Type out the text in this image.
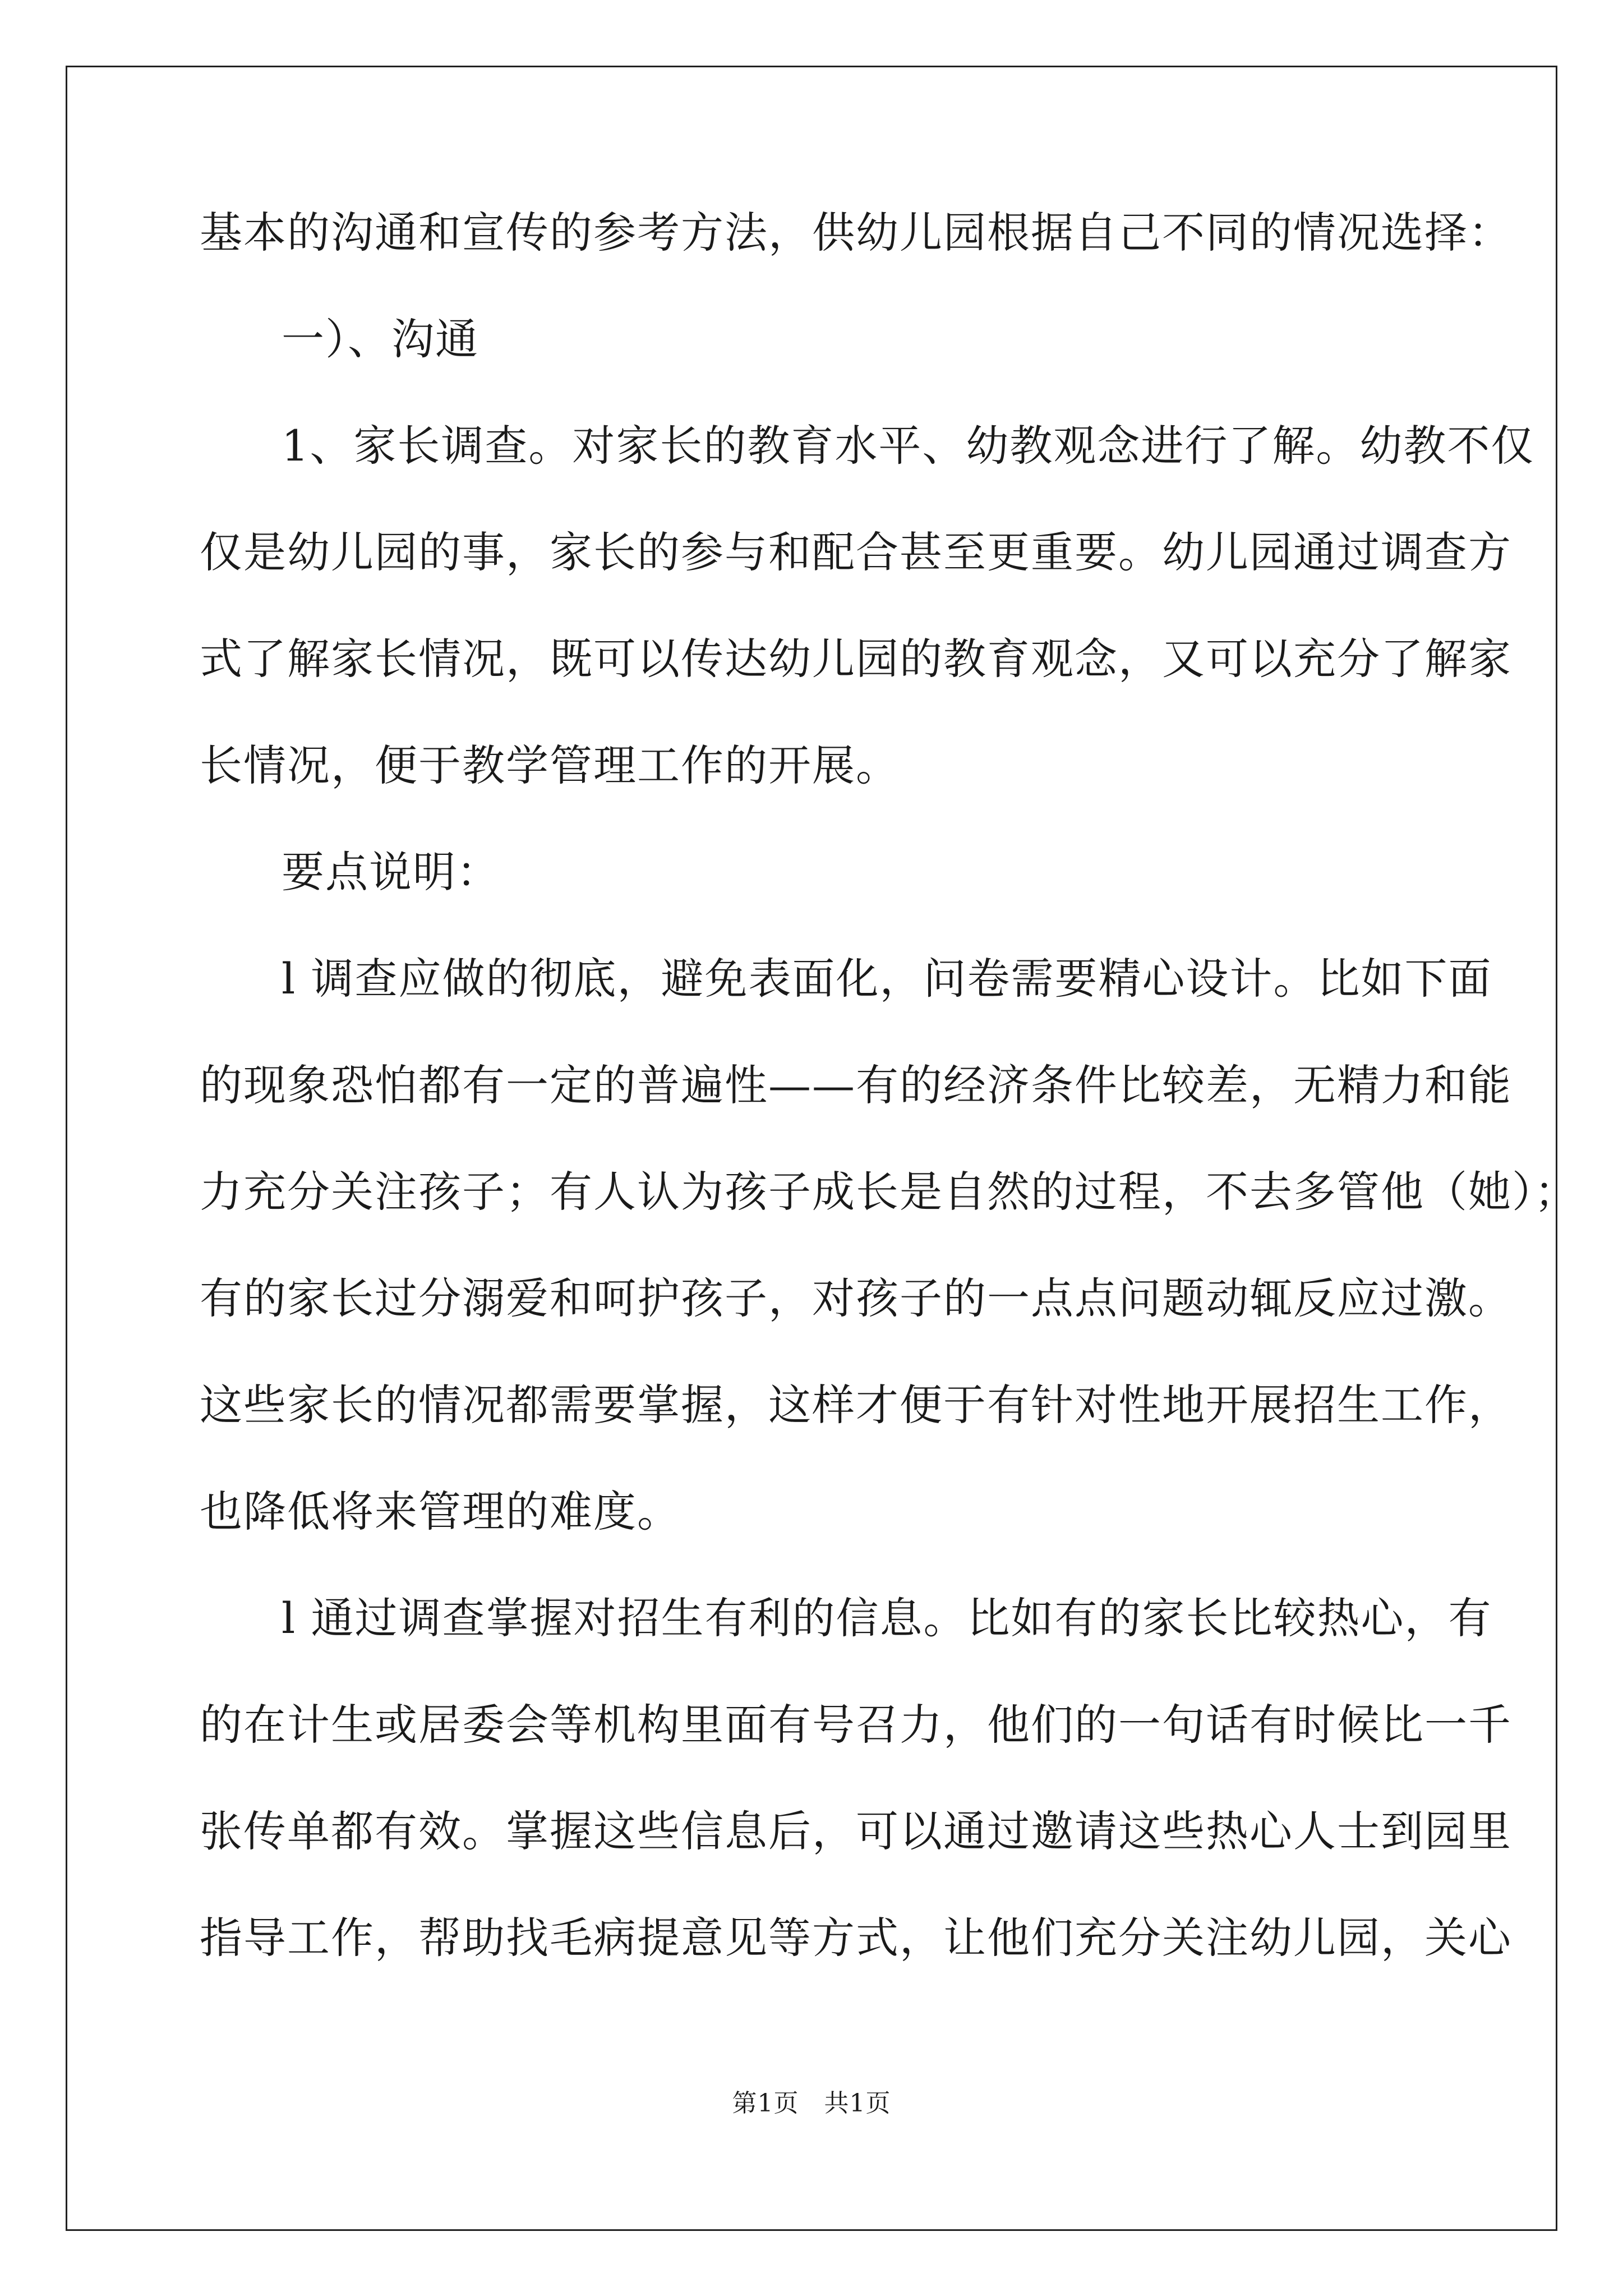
基本的沟通和宣传的参考方法，供幼儿园根据自己不同的情况选择：
一）、沟通
1、家长调查。对家长的教育水平、幼教观念进行了解。幼教不仅
仅是幼儿园的事，家长的参与和配合甚至更重要。幼儿园通过调查方
式了解家长情况，既可以传达幼儿园的教育观念，又可以充分了解家
长情况，便于教学管理工作的开展。
要点说明：
l 调查应做的彻底，避免表面化，问卷需要精心设计。比如下面
的现象恐怕都有一定的普遍性——有的经济条件比较差，无精力和能
力充分关注孩子；有人认为孩子成长是自然的过程，不去多管他（她）；
有的家长过分溺爱和呵护孩子，对孩子的一点点问题动辄反应过激。
这些家长的情况都需要掌握，这样才便于有针对性地开展招生工作，
也降低将来管理的难度。
l 通过调查掌握对招生有利的信息。比如有的家长比较热心，有
的在计生或居委会等机构里面有号召力，他们的一句话有时候比一千
张传单都有效。掌握这些信息后，可以通过邀请这些热心人士到园里
指导工作，帮助找毛病提意见等方式，让他们充分关注幼儿园，关心
第1页　共1页
